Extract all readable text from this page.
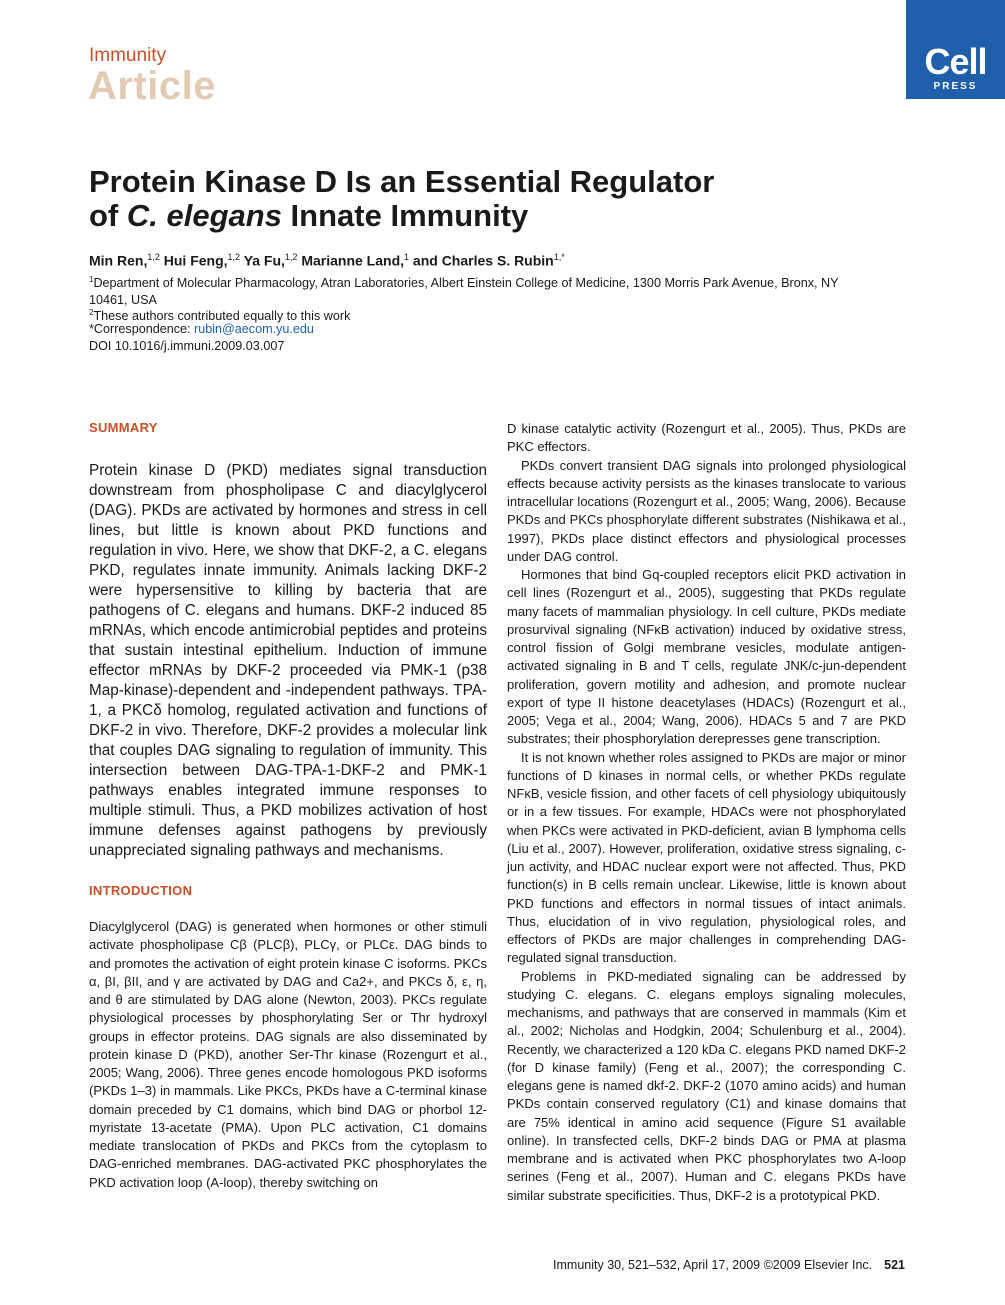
Immunity
Article
Cell
PRESS
Protein Kinase D Is an Essential Regulator
of C. elegans Innate Immunity
Min Ren,$^{1,2}$ Hui Feng,$^{1,2}$ Ya Fu,$^{1,2}$ Marianne Land,$^1$ and Charles S. Rubin$^{1,*}$
$^1$Department of Molecular Pharmacology, Atran Laboratories, Albert Einstein College of Medicine, 1300 Morris Park Avenue, Bronx, NY 10461, USA
$^2$These authors contributed equally to this work
*Correspondence: rubin@aecom.yu.edu
DOI 10.1016/j.immuni.2009.03.007
SUMMARY

Protein kinase D (PKD) mediates signal transduction downstream from phospholipase C and diacylglycerol (DAG). PKDs are activated by hormones and stress in cell lines, but little is known about PKD functions and regulation in vivo. Here, we show that DKF-2, a C. elegans PKD, regulates innate immunity. Animals lacking DKF-2 were hypersensitive to killing by bacteria that are pathogens of C. elegans and humans. DKF-2 induced 85 mRNAs, which encode antimicrobial peptides and proteins that sustain intestinal epithelium. Induction of immune effector mRNAs by DKF-2 proceeded via PMK-1 (p38 Map-kinase)-dependent and -independent pathways. TPA-1, a PKCδ homolog, regulated activation and functions of DKF-2 in vivo. Therefore, DKF-2 provides a molecular link that couples DAG signaling to regulation of immunity. This intersection between DAG-TPA-1-DKF-2 and PMK-1 pathways enables integrated immune responses to multiple stimuli. Thus, a PKD mobilizes activation of host immune defenses against pathogens by previously unappreciated signaling pathways and mechanisms.

INTRODUCTION

Diacylglycerol (DAG) is generated when hormones or other stimuli activate phospholipase Cβ (PLCβ), PLCγ, or PLCε. DAG binds to and promotes the activation of eight protein kinase C isoforms. PKCs α, βI, βII, and γ are activated by DAG and Ca2+, and PKCs δ, ε, η, and θ are stimulated by DAG alone (Newton, 2003). PKCs regulate physiological processes by phosphorylating Ser or Thr hydroxyl groups in effector proteins. DAG signals are also disseminated by protein kinase D (PKD), another Ser-Thr kinase (Rozengurt et al., 2005; Wang, 2006). Three genes encode homologous PKD isoforms (PKDs 1–3) in mammals. Like PKCs, PKDs have a C-terminal kinase domain preceded by C1 domains, which bind DAG or phorbol 12-myristate 13-acetate (PMA). Upon PLC activation, C1 domains mediate translocation of PKDs and PKCs from the cytoplasm to DAG-enriched membranes. DAG-activated PKC phosphorylates the PKD activation loop (A-loop), thereby switching on

D kinase catalytic activity (Rozengurt et al., 2005). Thus, PKDs are PKC effectors.

PKDs convert transient DAG signals into prolonged physiological effects because activity persists as the kinases translocate to various intracellular locations (Rozengurt et al., 2005; Wang, 2006). Because PKDs and PKCs phosphorylate different substrates (Nishikawa et al., 1997), PKDs place distinct effectors and physiological processes under DAG control.

Hormones that bind Gq-coupled receptors elicit PKD activation in cell lines (Rozengurt et al., 2005), suggesting that PKDs regulate many facets of mammalian physiology. In cell culture, PKDs mediate prosurvival signaling (NFκB activation) induced by oxidative stress, control fission of Golgi membrane vesicles, modulate antigen-activated signaling in B and T cells, regulate JNK/c-jun-dependent proliferation, govern motility and adhesion, and promote nuclear export of type II histone deacetylases (HDACs) (Rozengurt et al., 2005; Vega et al., 2004; Wang, 2006). HDACs 5 and 7 are PKD substrates; their phosphorylation derepresses gene transcription.

It is not known whether roles assigned to PKDs are major or minor functions of D kinases in normal cells, or whether PKDs regulate NFκB, vesicle fission, and other facets of cell physiology ubiquitously or in a few tissues. For example, HDACs were not phosphorylated when PKCs were activated in PKD-deficient, avian B lymphoma cells (Liu et al., 2007). However, proliferation, oxidative stress signaling, c-jun activity, and HDAC nuclear export were not affected. Thus, PKD function(s) in B cells remain unclear. Likewise, little is known about PKD functions and effectors in normal tissues of intact animals. Thus, elucidation of in vivo regulation, physiological roles, and effectors of PKDs are major challenges in comprehending DAG-regulated signal transduction.

Problems in PKD-mediated signaling can be addressed by studying C. elegans. C. elegans employs signaling molecules, mechanisms, and pathways that are conserved in mammals (Kim et al., 2002; Nicholas and Hodgkin, 2004; Schulenburg et al., 2004). Recently, we characterized a 120 kDa C. elegans PKD named DKF-2 (for D kinase family) (Feng et al., 2007); the corresponding C. elegans gene is named dkf-2. DKF-2 (1070 amino acids) and human PKDs contain conserved regulatory (C1) and kinase domains that are 75% identical in amino acid sequence (Figure S1 available online). In transfected cells, DKF-2 binds DAG or PMA at plasma membrane and is activated when PKC phosphorylates two A-loop serines (Feng et al., 2007). Human and C. elegans PKDs have similar substrate specificities. Thus, DKF-2 is a prototypical PKD.

Immunity 30, 521–532, April 17, 2009 ©2009 Elsevier Inc. 521
